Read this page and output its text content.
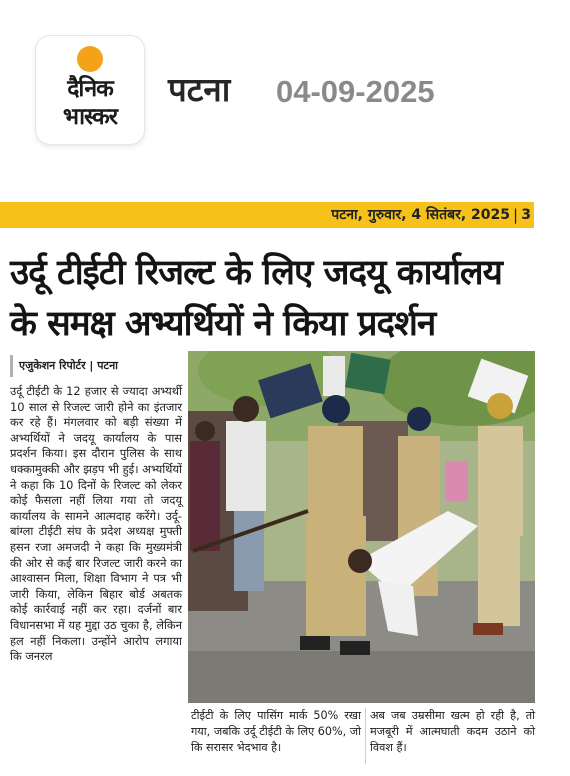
दैनिक
भास्कर
पटना 04-09-2025
पटना, गुरुवार, 4 सितंबर, 2025 | 3
उर्दू टीईटी रिजल्ट के लिए जदयू कार्यालय के समक्ष अभ्यर्थियों ने किया प्रदर्शन
एजुकेशन रिपोर्टर | पटना
उर्दू टीईटी के 12 हजार से ज्यादा अभ्यर्थी 10 साल से रिजल्ट जारी होने का इंतजार कर रहे हैं। मंगलवार को बड़ी संख्या में अभ्यर्थियों ने जदयू कार्यालय के पास प्रदर्शन किया। इस दौरान पुलिस के साथ धक्कामुक्की और झड़प भी हुई। अभ्यर्थियों ने कहा कि 10 दिनों के रिजल्ट को लेकर कोई फैसला नहीं लिया गया तो जदयू कार्यालय के सामने आत्मदाह करेंगे। उर्दू-बांग्ला टीईटी संघ के प्रदेश अध्यक्ष मुफ्ती हसन रजा अमजदी ने कहा कि मुख्यमंत्री की ओर से कई बार रिजल्ट जारी करने का आश्वासन मिला, शिक्षा विभाग ने पत्र भी जारी किया, लेकिन बिहार बोर्ड अबतक कोई कार्रवाई नहीं कर रहा। दर्जनों बार विधानसभा में यह मुद्दा उठ चुका है, लेकिन हल नहीं निकला। उन्होंने आरोप लगाया कि जनरल
टीईटी के लिए पासिंग मार्क 50% रखा गया, जबकि उर्दू टीईटी के लिए 60%, जो कि सरासर भेदभाव है।
अब जब उम्रसीमा खत्म हो रही है, तो मजबूरी में आत्मघाती कदम उठाने को विवश हैं।
